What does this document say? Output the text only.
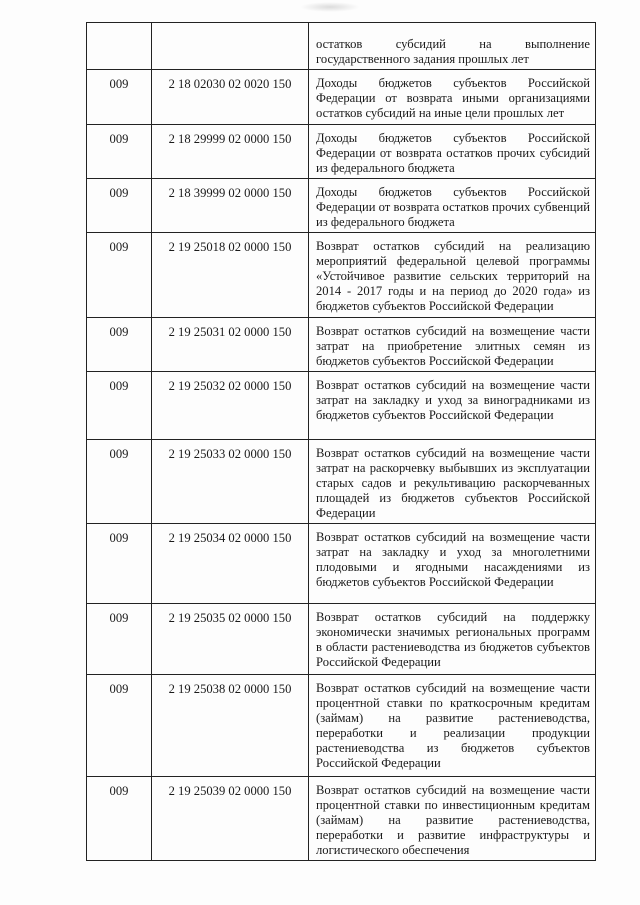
		остатков субсидий на выполнение государственного задания прошлых лет

009	2 18 02030 02 0020 150	Доходы бюджетов субъектов Российской Федерации от возврата иными организациями остатков субсидий на иные цели прошлых лет

009	2 18 29999 02 0000 150	Доходы бюджетов субъектов Российской Федерации от возврата остатков прочих субсидий из федерального бюджета

009	2 18 39999 02 0000 150	Доходы бюджетов субъектов Российской Федерации от возврата остатков прочих субвенций из федерального бюджета

009	2 19 25018 02 0000 150	Возврат остатков субсидий на реализацию мероприятий федеральной целевой программы «Устойчивое развитие сельских территорий на 2014 - 2017 годы и на период до 2020 года» из бюджетов субъектов Российской Федерации

009	2 19 25031 02 0000 150	Возврат остатков субсидий на возмещение части затрат на приобретение элитных семян из бюджетов субъектов Российской Федерации

009	2 19 25032 02 0000 150	Возврат остатков субсидий на возмещение части затрат на закладку и уход за виноградниками из бюджетов субъектов Российской Федерации

009	2 19 25033 02 0000 150	Возврат остатков субсидий на возмещение части затрат на раскорчевку выбывших из эксплуатации старых садов и рекультивацию раскорчеванных площадей из бюджетов субъектов Российской Федерации

009	2 19 25034 02 0000 150	Возврат остатков субсидий на возмещение части затрат на закладку и уход за многолетними плодовыми и ягодными насаждениями из бюджетов субъектов Российской Федерации

009	2 19 25035 02 0000 150	Возврат остатков субсидий на поддержку экономически значимых региональных программ в области растениеводства из бюджетов субъектов Российской Федерации

009	2 19 25038 02 0000 150	Возврат остатков субсидий на возмещение части процентной ставки по краткосрочным кредитам (займам) на развитие растениеводства, переработки и реализации продукции растениеводства из бюджетов субъектов Российской Федерации

009	2 19 25039 02 0000 150	Возврат остатков субсидий на возмещение части процентной ставки по инвестиционным кредитам (займам) на развитие растениеводства, переработки и развитие инфраструктуры и логистического обеспечения
